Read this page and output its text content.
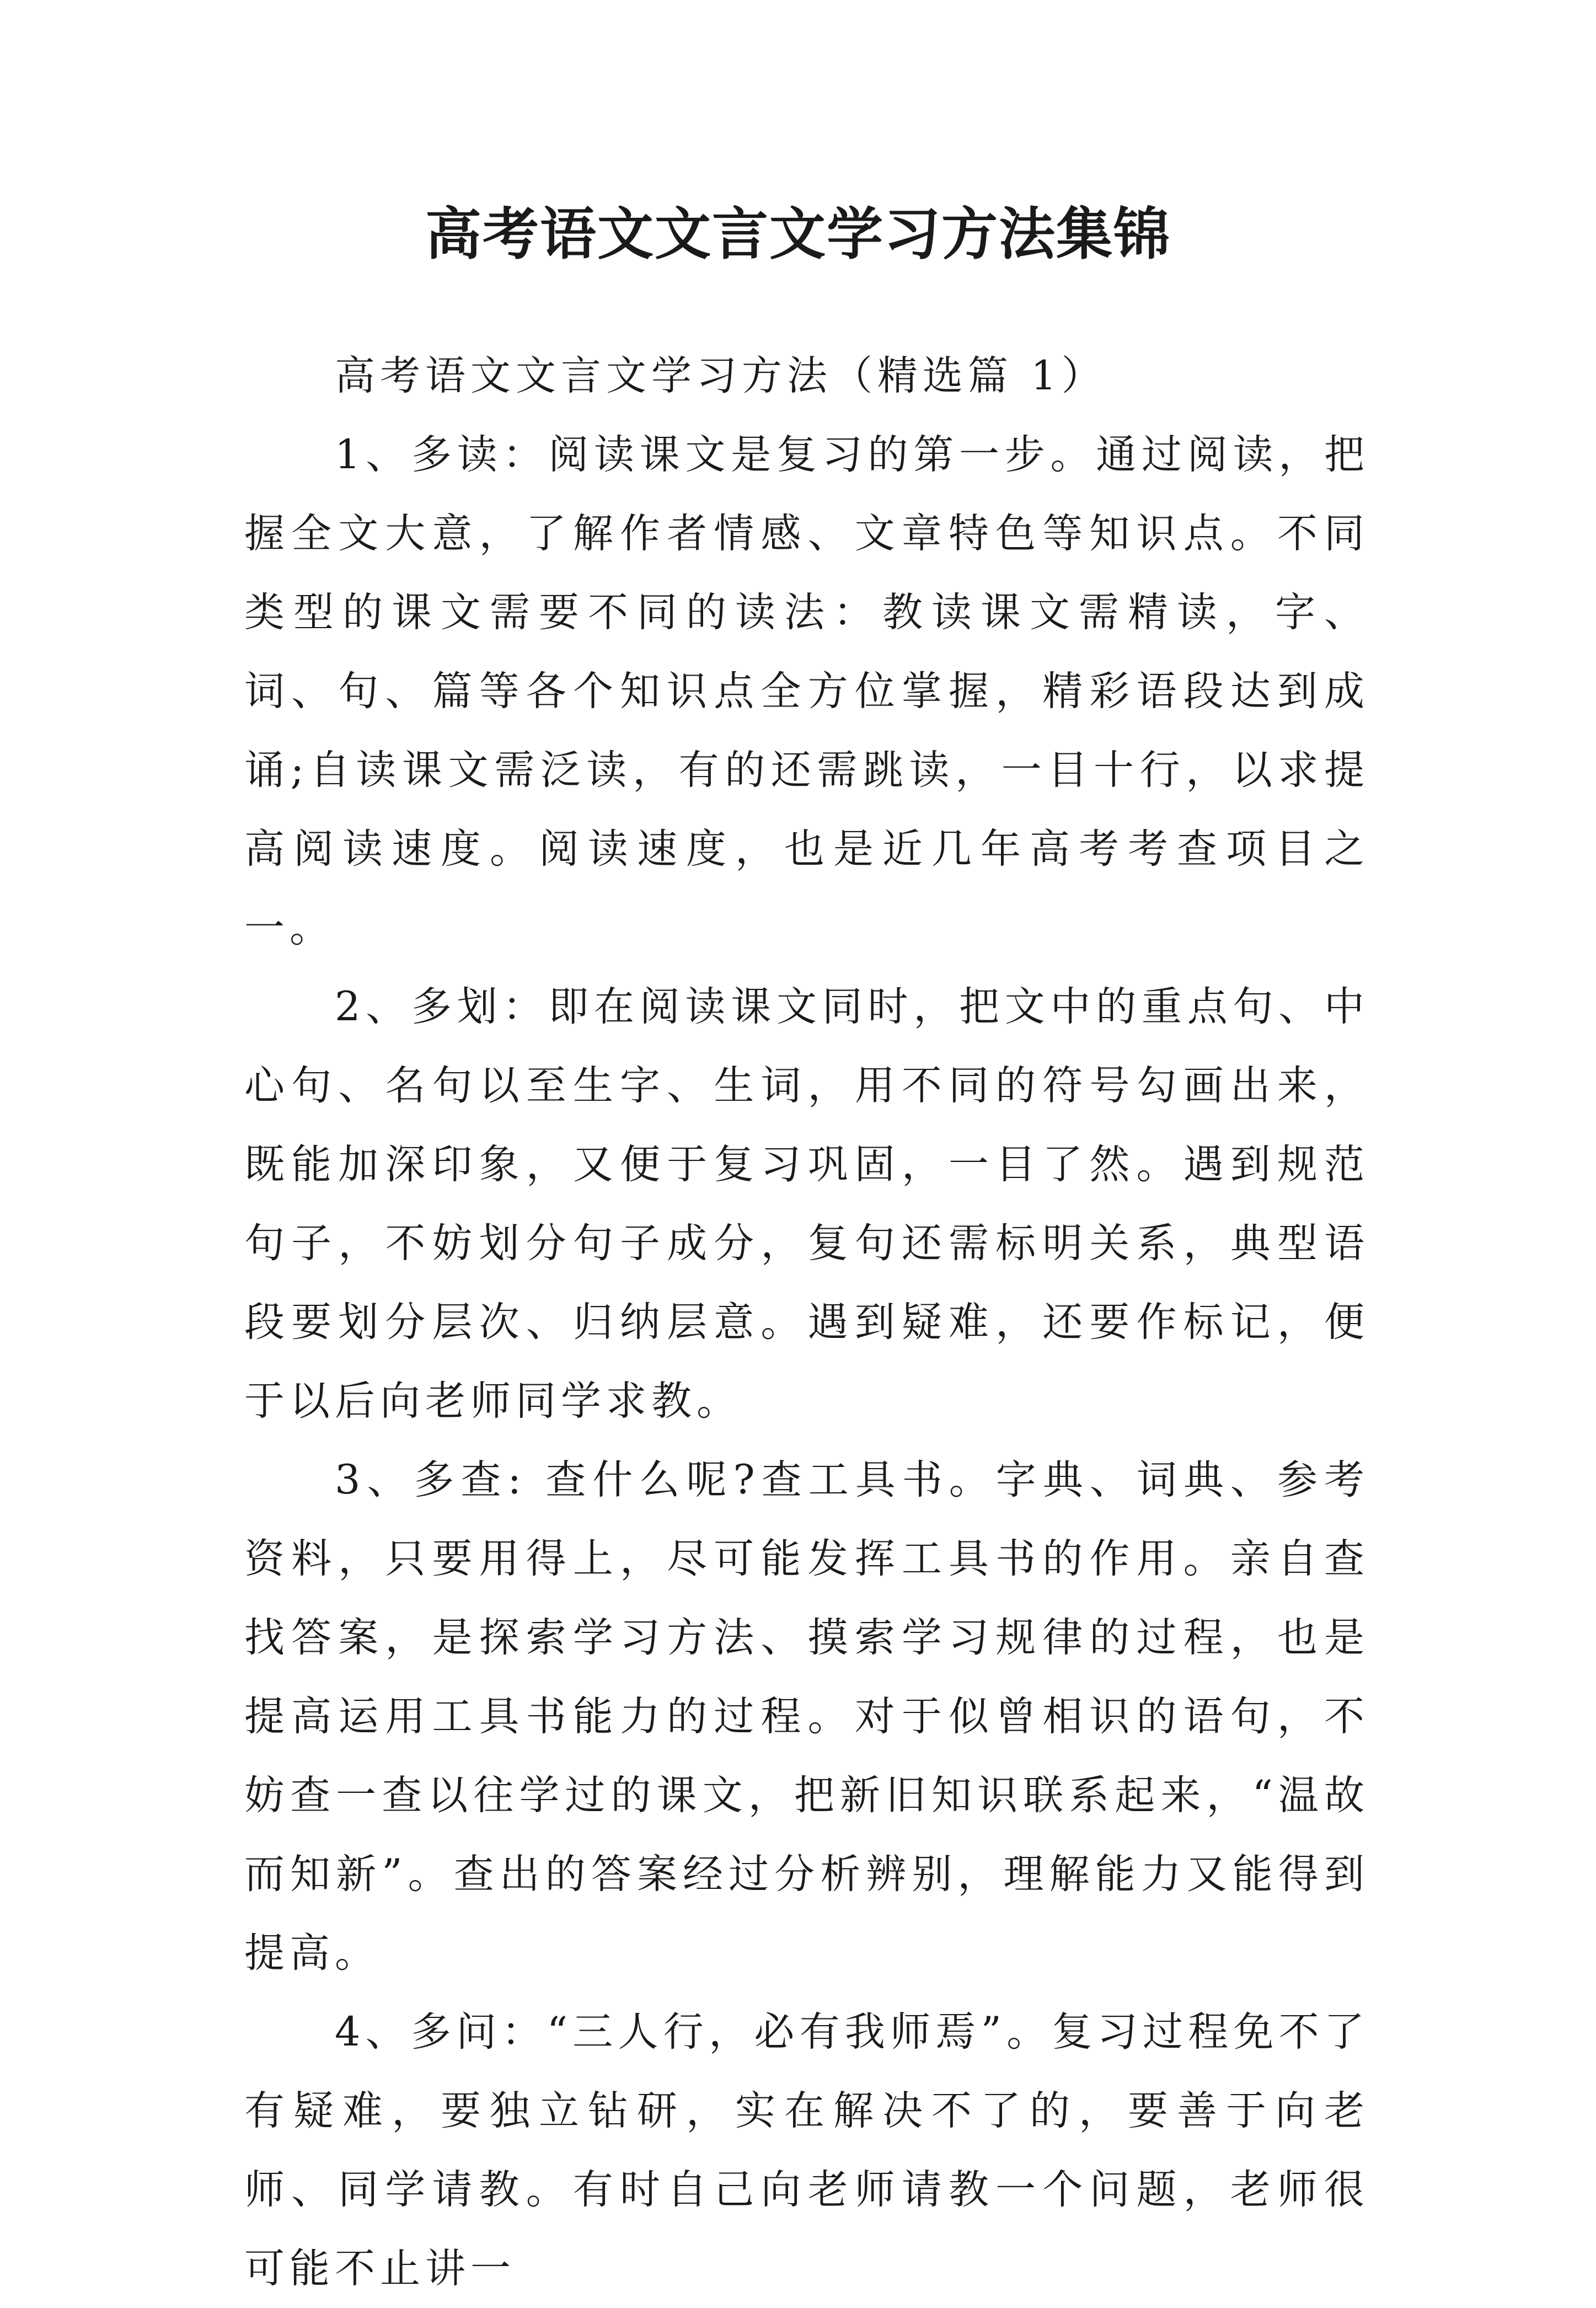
高考语文文言文学习方法集锦

高考语文文言文学习方法（精选篇 1）

1、多读：阅读课文是复习的第一步。通过阅读，把握全文大意，了解作者情感、文章特色等知识点。不同类型的课文需要不同的读法：教读课文需精读，字、词、句、篇等各个知识点全方位掌握，精彩语段达到成诵;自读课文需泛读，有的还需跳读，一目十行，以求提高阅读速度。阅读速度，也是近几年高考考查项目之一。

2、多划：即在阅读课文同时，把文中的重点句、中心句、名句以至生字、生词，用不同的符号勾画出来，既能加深印象，又便于复习巩固，一目了然。遇到规范句子，不妨划分句子成分，复句还需标明关系，典型语段要划分层次、归纳层意。遇到疑难，还要作标记，便于以后向老师同学求教。

3、多查: 查什么呢?查工具书。字典、词典、参考资料，只要用得上，尽可能发挥工具书的作用。亲自查找答案，是探索学习方法、摸索学习规律的过程，也是提高运用工具书能力的过程。对于似曾相识的语句，不妨查一查以往学过的课文，把新旧知识联系起来，“温故而知新”。查出的答案经过分析辨别，理解能力又能得到提高。

4、多问：“三人行，必有我师焉”。复习过程免不了有疑难，要独立钻研，实在解决不了的，要善于向老师、同学请教。有时自己向老师请教一个问题，老师很可能不止讲一
